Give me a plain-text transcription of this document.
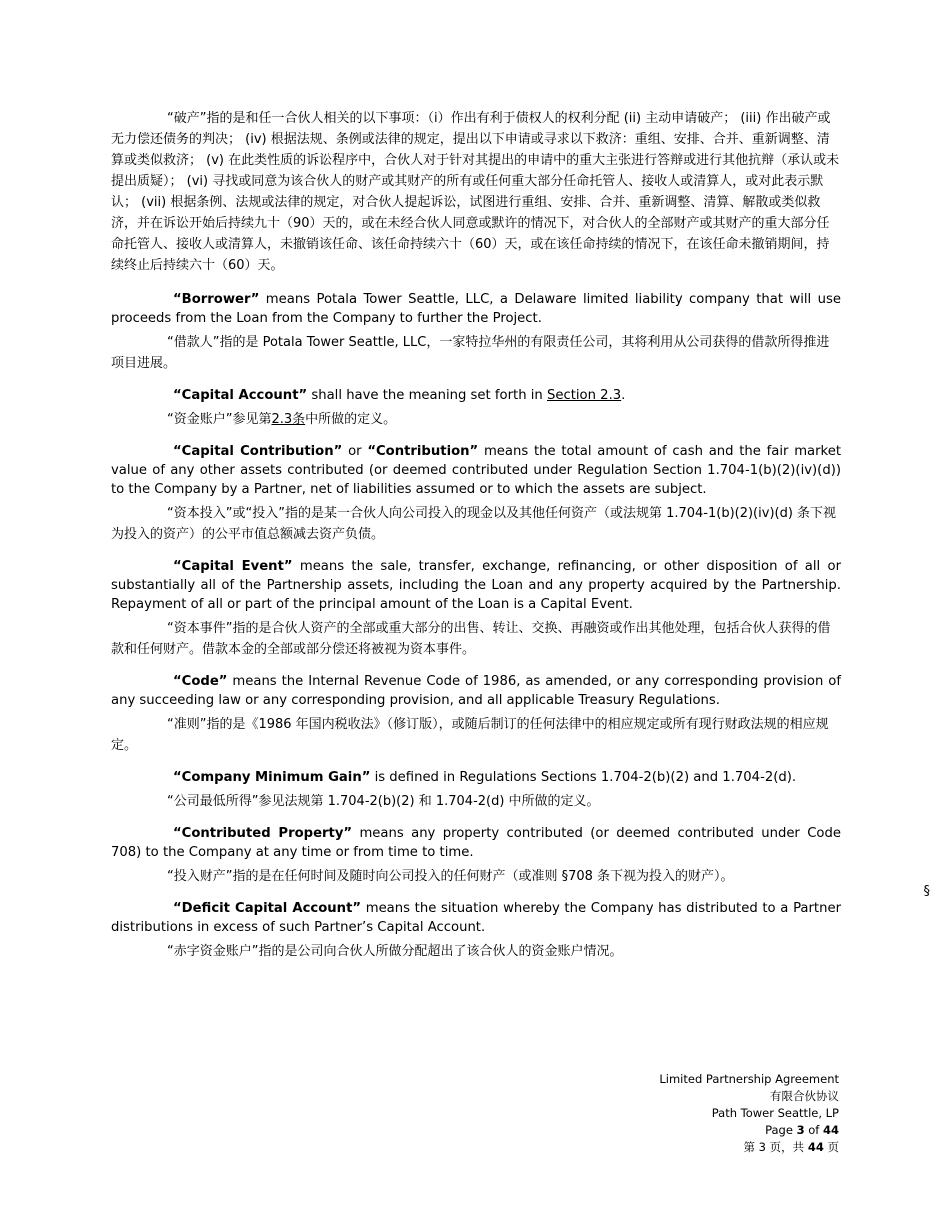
“破产”指的是和任一合伙人相关的以下事项：（i）作出有利于债权人的权利分配 (ii) 主动申请破产； (iii) 作出破产或无力偿还债务的判决； (iv) 根据法规、条例或法律的规定，提出以下申请或寻求以下救济：重组、安排、合并、重新调整、清算或类似救济； (v) 在此类性质的诉讼程序中，合伙人对于针对其提出的申请中的重大主张进行答辩或进行其他抗辩（承认或未提出质疑）； (vi) 寻找或同意为该合伙人的财产或其财产的所有或任何重大部分任命托管人、接收人或清算人，或对此表示默认； (vii) 根据条例、法规或法律的规定，对合伙人提起诉讼，试图进行重组、安排、合并、重新调整、清算、解散或类似救济，并在诉讼开始后持续九十（90）天的，或在未经合伙人同意或默许的情况下，对合伙人的全部财产或其财产的重大部分任命托管人、接收人或清算人，未撤销该任命、该任命持续六十（60）天，或在该任命持续的情况下，在该任命未撤销期间，持续终止后持续六十（60）天。

“Borrower” means Potala Tower Seattle, LLC, a Delaware limited liability company that will use proceeds from the Loan from the Company to further the Project.

“借款人”指的是 Potala Tower Seattle, LLC，一家特拉华州的有限责任公司，其将利用从公司获得的借款所得推进项目进展。

“Capital Account” shall have the meaning set forth in Section 2.3.

“资金账户”参见第2.3条中所做的定义。

“Capital Contribution” or “Contribution” means the total amount of cash and the fair market value of any other assets contributed (or deemed contributed under Regulation Section 1.704-1(b)(2)(iv)(d)) to the Company by a Partner, net of liabilities assumed or to which the assets are subject.

“资本投入”或“投入”指的是某一合伙人向公司投入的现金以及其他任何资产（或法规第 1.704-1(b)(2)(iv)(d) 条下视为投入的资产）的公平市值总额减去资产负债。

“Capital Event” means the sale, transfer, exchange, refinancing, or other disposition of all or substantially all of the Partnership assets, including the Loan and any property acquired by the Partnership. Repayment of all or part of the principal amount of the Loan is a Capital Event.

“资本事件”指的是合伙人资产的全部或重大部分的出售、转让、交换、再融资或作出其他处理，包括合伙人获得的借款和任何财产。借款本金的全部或部分偿还将被视为资本事件。

“Code” means the Internal Revenue Code of 1986, as amended, or any corresponding provision of any succeeding law or any corresponding provision, and all applicable Treasury Regulations.

“准则”指的是《1986 年国内税收法》（修订版），或随后制订的任何法律中的相应规定或所有现行财政法规的相应规定。

“Company Minimum Gain” is defined in Regulations Sections 1.704-2(b)(2) and 1.704-2(d).

“公司最低所得”参见法规第 1.704-2(b)(2) 和 1.704-2(d) 中所做的定义。

“Contributed Property” means any property contributed (or deemed contributed under Code 708) to the Company at any time or from time to time.

“投入财产”指的是在任何时间及随时向公司投入的任何财产（或准则 §708 条下视为投入的财产）。

“Deficit Capital Account” means the situation whereby the Company has distributed to a Partner distributions in excess of such Partner’s Capital Account.

“赤字资金账户”指的是公司向合伙人所做分配超出了该合伙人的资金账户情况。

§
Limited Partnership Agreement
有限合伙协议
Path Tower Seattle, LP
Page 3 of 44
第 3 页，共 44 页
